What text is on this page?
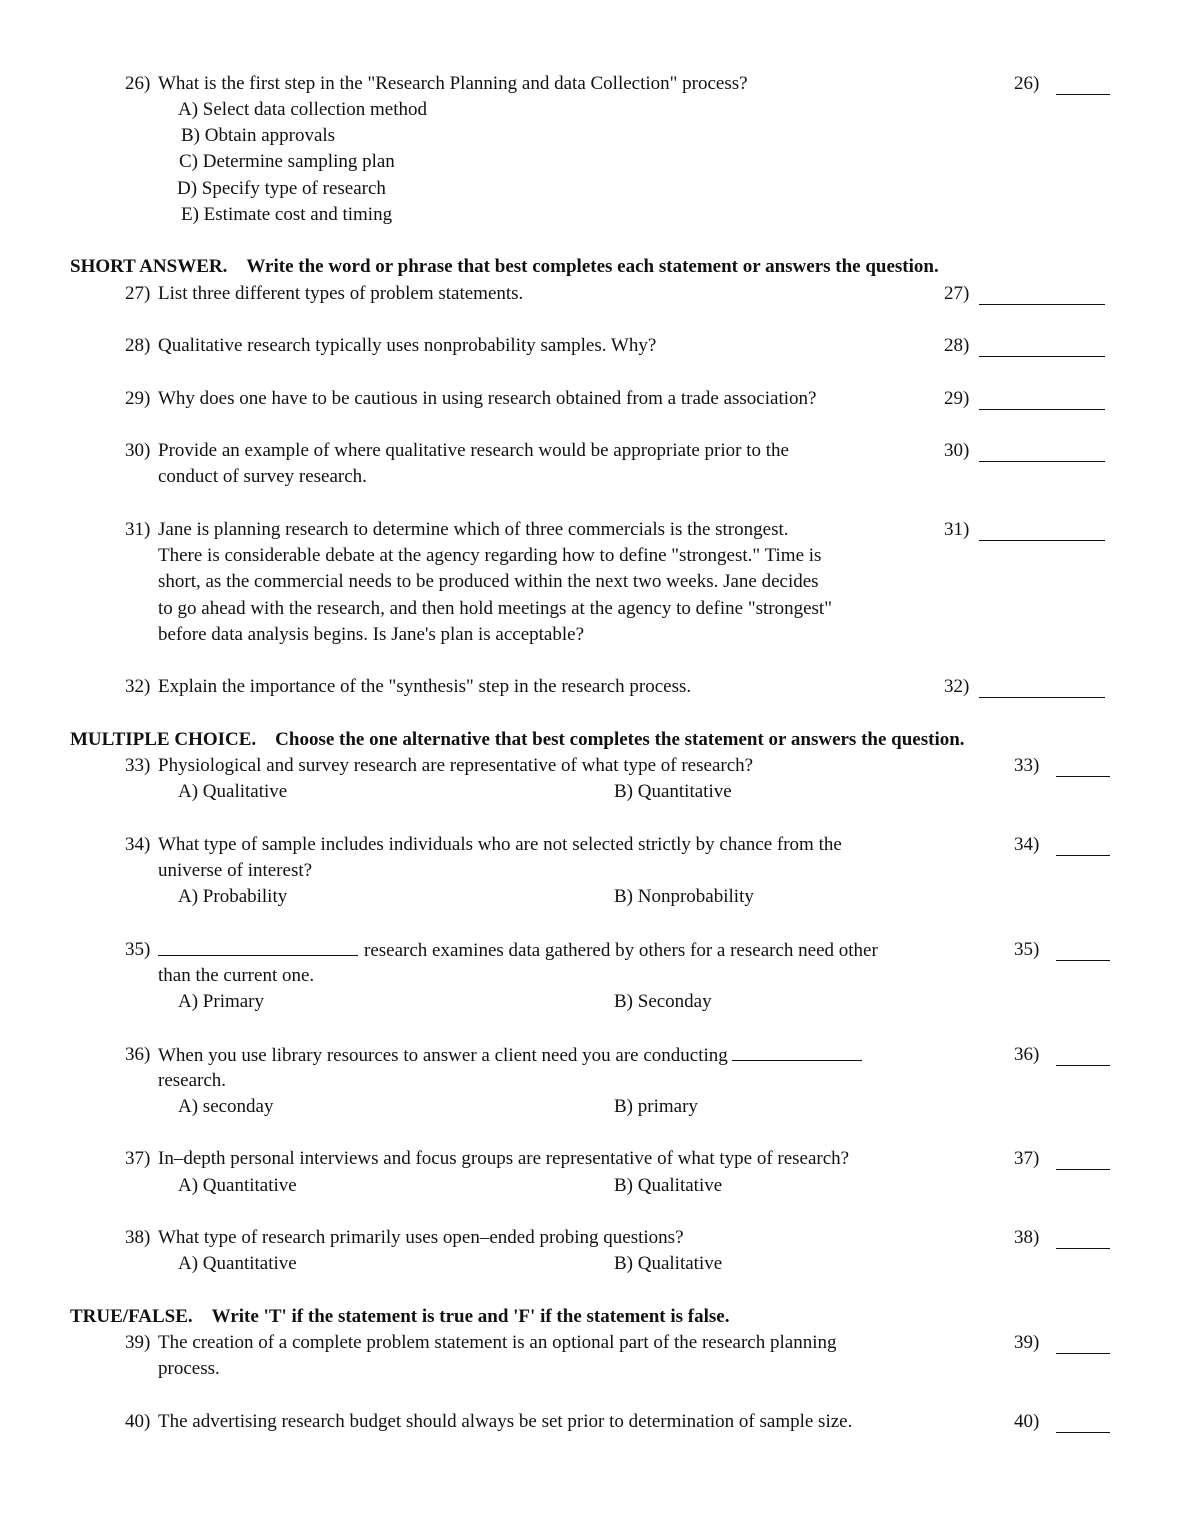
26) What is the first step in the "Research Planning and data Collection" process?	26)
A) Select data collection method
B) Obtain approvals
C) Determine sampling plan
D) Specify type of research
E) Estimate cost and timing
SHORT ANSWER. Write the word or phrase that best completes each statement or answers the question.
27) List three different types of problem statements.	27)
28) Qualitative research typically uses nonprobability samples. Why?	28)
29) Why does one have to be cautious in using research obtained from a trade association?	29)
30) Provide an example of where qualitative research would be appropriate prior to the
conduct of survey research.
30)
31) Jane is planning research to determine which of three commercials is the strongest.
There is considerable debate at the agency regarding how to define "strongest." Time is
short, as the commercial needs to be produced within the next two weeks. Jane decides
to go ahead with the research, and then hold meetings at the agency to define "strongest"
before data analysis begins. Is Jane's plan is acceptable?
31)
32) Explain the importance of the "synthesis" step in the research process.	32)
MULTIPLE CHOICE. Choose the one alternative that best completes the statement or answers the question.
33) Physiological and survey research are representative of what type of research?	33)
A) Qualitative	B) Quantitative
34) What type of sample includes individuals who are not selected strictly by chance from the
universe of interest?
34)
A) Probability	B) Nonprobability
35)	research examines data gathered by others for a research need other
than the current one.
35)
A) Primary	B) Seconday
36) When you use library resources to answer a client need you are conducting
research.
36)
A) seconday	B) primary
37) In–depth personal interviews and focus groups are representative of what type of research?	37)
A) Quantitative	B) Qualitative
38) What type of research primarily uses open–ended probing questions?	38)
A) Quantitative	B) Qualitative
TRUE/FALSE. Write 'T' if the statement is true and 'F' if the statement is false.
39) The creation of a complete problem statement is an optional part of the research planning
process.
39)
40) The advertising research budget should always be set prior to determination of sample size.	40)
